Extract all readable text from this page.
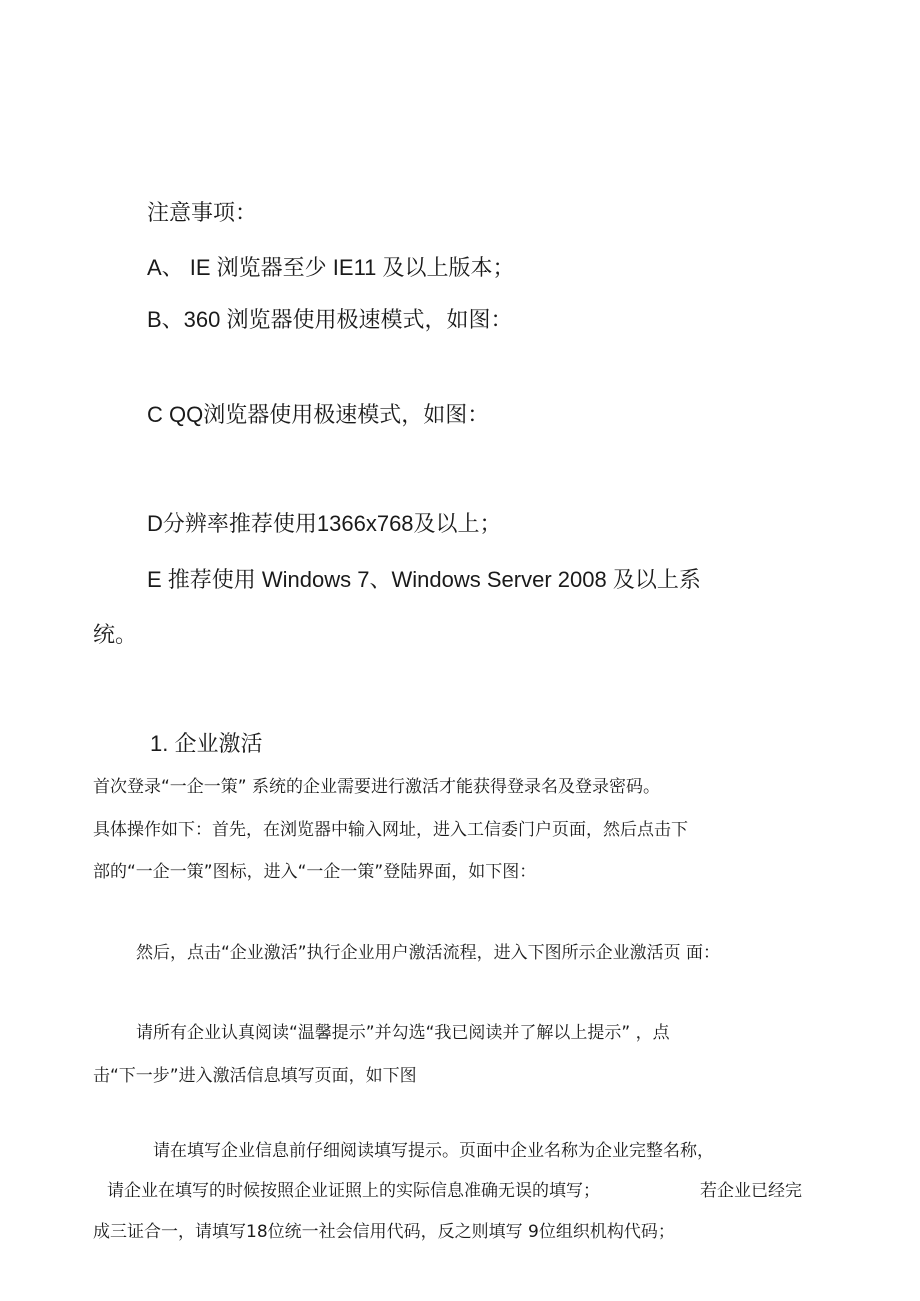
注意事项：
A、 IE 浏览器至少 IE11 及以上版本；
B、360 浏览器使用极速模式，如图：
C QQ浏览器使用极速模式，如图：
D分辨率推荐使用1366x768及以上；
E 推荐使用 Windows 7、Windows Server 2008 及以上系
统。
1. 企业激活
首次登录“一企一策” 系统的企业需要进行激活才能获得登录名及登录密码。
具体操作如下：首先，在浏览器中输入网址，进入工信委门户页面，然后点击下
部的“一企一策”图标，进入“一企一策”登陆界面，如下图：
然后，点击“企业激活”执行企业用户激活流程，进入下图所示企业激活页 面：
请所有企业认真阅读“温馨提示”并勾选“我已阅读并了解以上提示” ，点
击“下一步”进入激活信息填写页面，如下图
请在填写企业信息前仔细阅读填写提示。页面中企业名称为企业完整名称，
请企业在填写的时候按照企业证照上的实际信息准确无误的填写；	若企业已经完
成三证合一，请填写18位统一社会信用代码，反之则填写 9位组织机构代码；
